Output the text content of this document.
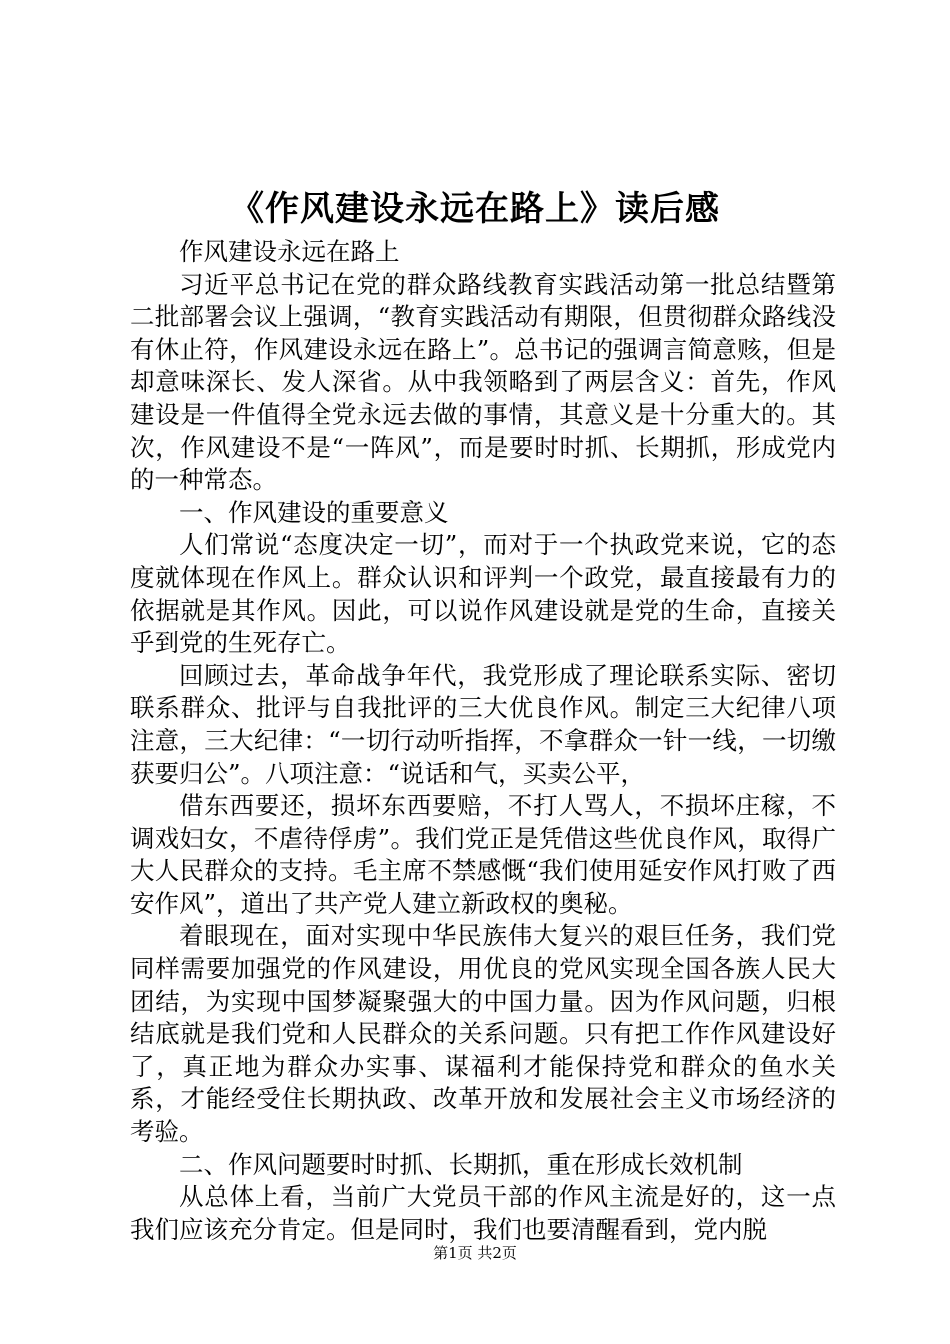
《作风建设永远在路上》读后感

作风建设永远在路上

习近平总书记在党的群众路线教育实践活动第一批总结暨第二批部署会议上强调，“教育实践活动有期限，但贯彻群众路线没有休止符，作风建设永远在路上”。总书记的强调言简意赅，但是却意味深长、发人深省。从中我领略到了两层含义：首先，作风建设是一件值得全党永远去做的事情，其意义是十分重大的。其次，作风建设不是“一阵风”，而是要时时抓、长期抓，形成党内的一种常态。

一、作风建设的重要意义

人们常说“态度决定一切”，而对于一个执政党来说，它的态度就体现在作风上。群众认识和评判一个政党，最直接最有力的依据就是其作风。因此，可以说作风建设就是党的生命，直接关乎到党的生死存亡。

回顾过去，革命战争年代，我党形成了理论联系实际、密切联系群众、批评与自我批评的三大优良作风。制定三大纪律八项注意，三大纪律：“一切行动听指挥，不拿群众一针一线，一切缴获要归公”。八项注意：“说话和气，买卖公平，

借东西要还，损坏东西要赔，不打人骂人，不损坏庄稼，不调戏妇女，不虐待俘虏”。我们党正是凭借这些优良作风，取得广大人民群众的支持。毛主席不禁感慨“我们使用延安作风打败了西安作风”，道出了共产党人建立新政权的奥秘。

着眼现在，面对实现中华民族伟大复兴的艰巨任务，我们党同样需要加强党的作风建设，用优良的党风实现全国各族人民大团结，为实现中国梦凝聚强大的中国力量。因为作风问题，归根结底就是我们党和人民群众的关系问题。只有把工作作风建设好了，真正地为群众办实事、谋福利才能保持党和群众的鱼水关系，才能经受住长期执政、改革开放和发展社会主义市场经济的考验。

二、作风问题要时时抓、长期抓，重在形成长效机制

从总体上看，当前广大党员干部的作风主流是好的，这一点我们应该充分肯定。但是同时，我们也要清醒看到，党内脱

第1页 共2页
